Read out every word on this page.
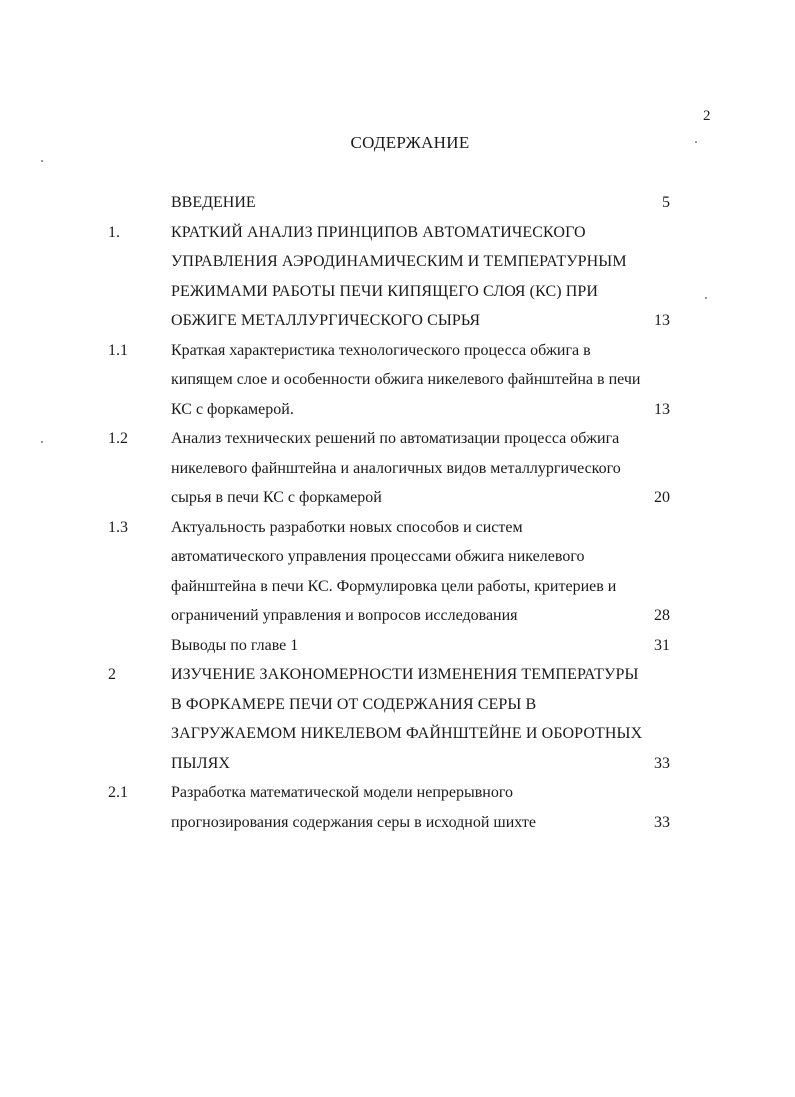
2
СОДЕРЖАНИЕ
ВВЕДЕНИЕ	5
1.	КРАТКИЙ АНАЛИЗ ПРИНЦИПОВ АВТОМАТИЧЕСКОГО УПРАВЛЕНИЯ АЭРОДИНАМИЧЕСКИМ И ТЕМПЕРАТУРНЫМ РЕЖИМАМИ РАБОТЫ ПЕЧИ КИПЯЩЕГО СЛОЯ (КС) ПРИ ОБЖИГЕ МЕТАЛЛУРГИЧЕСКОГО СЫРЬЯ	13
1.1	Краткая характеристика технологического процесса обжига в кипящем слое и особенности обжига никелевого файнштейна в печи КС с форкамерой.	13
1.2	Анализ технических решений по автоматизации процесса обжига никелевого файнштейна и аналогичных видов металлургического сырья в печи КС с форкамерой	20
1.3	Актуальность разработки новых способов и систем автоматического управления процессами обжига никелевого файнштейна в печи КС. Формулировка цели работы, критериев и ограничений управления и вопросов исследования	28
Выводы по главе 1	31
2	ИЗУЧЕНИЕ ЗАКОНОМЕРНОСТИ ИЗМЕНЕНИЯ ТЕМПЕРАТУРЫ В ФОРКАМЕРЕ ПЕЧИ ОТ СОДЕРЖАНИЯ СЕРЫ В ЗАГРУЖАЕМОМ НИКЕЛЕВОМ ФАЙНШТЕЙНЕ И ОБОРОТНЫХ ПЫЛЯХ	33
2.1	Разработка математической модели непрерывного прогнозирования содержания серы в исходной шихте	33
